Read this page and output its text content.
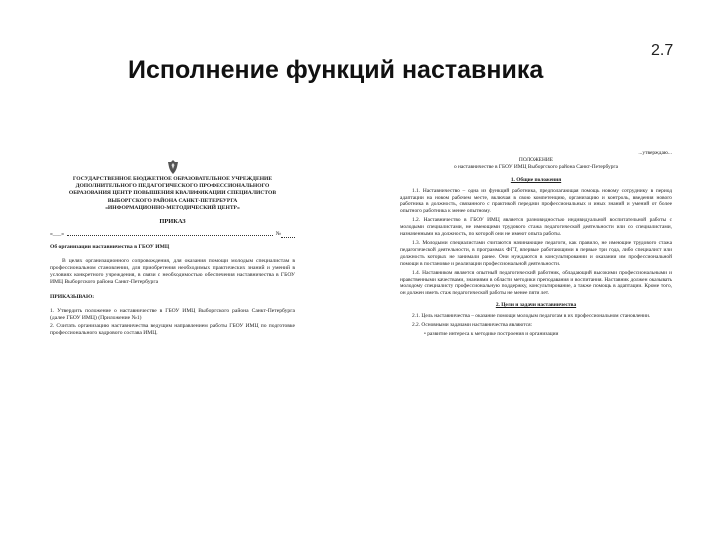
Исполнение функций наставника
2.7
ГОСУДАРСТВЕННОЕ БЮДЖЕТНОЕ ОБРАЗОВАТЕЛЬНОЕ УЧРЕЖДЕНИЕ
ДОПОЛНИТЕЛЬНОГО ПЕДАГОГИЧЕСКОГО ПРОФЕССИОНАЛЬНОГО
ОБРАЗОВАНИЯ ЦЕНТР ПОВЫШЕНИЯ КВАЛИФИКАЦИИ СПЕЦИАЛИСТОВ
ВЫБОРГСКОГО РАЙОНА САНКТ-ПЕТЕРБУРГА
«ИНФОРМАЦИОННО-МЕТОДИЧЕСКИЙ ЦЕНТР»
ПРИКАЗ
«___»	№
Об организации наставничества в ГБОУ ИМЦ
В целях организационного сопровождения, для оказания помощи молодым специалистам в профессиональном становлении, для приобретения необходимых практических знаний и умений в условиях конкретного учреждения, в связи с необходимостью обеспечения наставничества в ГБОУ ИМЦ Выборгского района Санкт-Петербурга
ПРИКАЗЫВАЮ:
1. Утвердить положение о наставничестве в ГБОУ ИМЦ Выборгского района Санкт-Петербурга (далее ГБОУ ИМЦ) (Приложение №1)
2. Считать организацию наставничества ведущим направлением работы ГБОУ ИМЦ по подготовке профессионального кадрового состава ИМЦ.
...утверждаю...
ПОЛОЖЕНИЕ
о наставничестве в ГБОУ ИМЦ Выборгского района Санкт-Петербурга
1. Общие положения
1.1. Наставничество – одна из функций работника, предполагающая помощь новому сотруднику в период адаптации на новом рабочем месте, включая в свою компетенцию, организацию и контроль, введения нового работника в должность, связанного с практикой передачи профессиональных и иных знаний и умений от более опытного работника к менее опытному.
1.2. Наставничество в ГБОУ ИМЦ является разновидностью индивидуальной воспитательной работы с молодыми специалистами, не имеющими трудового стажа педагогической деятельности или со специалистами, назначенными на должность, по которой они не имеют опыта работы.
1.3. Молодыми специалистами считаются начинающие педагоги, как правило, не имеющие трудового стажа педагогической деятельности, в программах ФГТ, впервые работающими в первые три года, либо специалист или должность которых не занимали ранее. Они нуждаются в консультировании и оказании им профессиональной помощи в постановке и реализации профессиональной деятельности.
1.4. Наставником является опытный педагогический работник, обладающий высокими профессиональными и нравственными качествами, знаниями в области методики преподавания и воспитания. Наставник должен оказывать молодому специалисту профессиональную поддержку, консультирование, а также помощь в адаптации. Кроме того, он должен иметь стаж педагогической работы не менее пяти лет.
2. Цели и задачи наставничества
2.1. Цель наставничества – оказание помощи молодым педагогам в их профессиональном становлении.
2.2. Основными задачами наставничества являются:
• развитие интереса к методике построения и организации
